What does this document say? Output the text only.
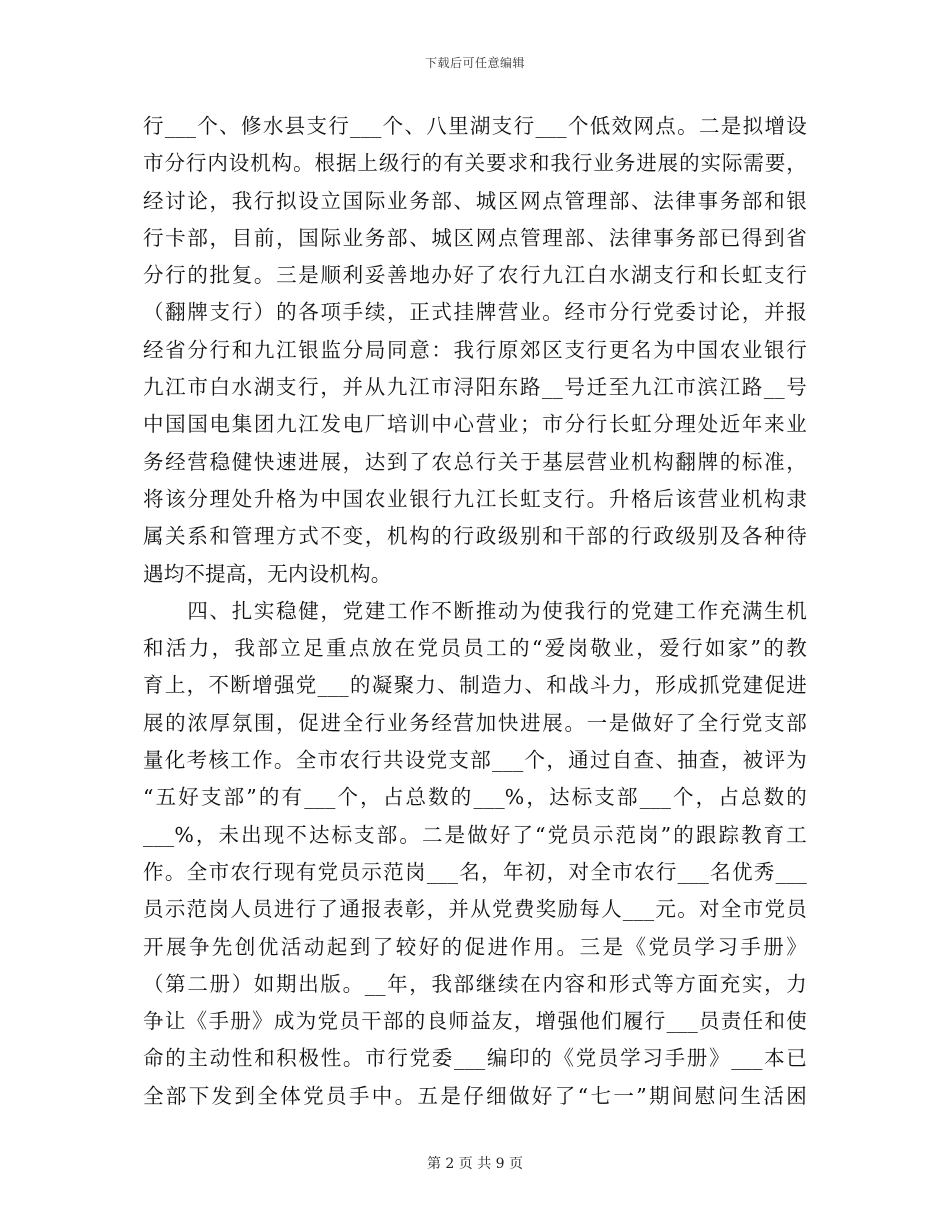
下载后可任意编辑
行___个、修水县支行___个、八里湖支行___个低效网点。二是拟增设
市分行内设机构。根据上级行的有关要求和我行业务进展的实际需要，
经讨论，我行拟设立国际业务部、城区网点管理部、法律事务部和银
行卡部，目前，国际业务部、城区网点管理部、法律事务部已得到省
分行的批复。三是顺利妥善地办好了农行九江白水湖支行和长虹支行
（翻牌支行）的各项手续，正式挂牌营业。经市分行党委讨论，并报
经省分行和九江银监分局同意：我行原郊区支行更名为中国农业银行
九江市白水湖支行，并从九江市浔阳东路__号迁至九江市滨江路__号
中国国电集团九江发电厂培训中心营业；市分行长虹分理处近年来业
务经营稳健快速进展，达到了农总行关于基层营业机构翻牌的标准，
将该分理处升格为中国农业银行九江长虹支行。升格后该营业机构隶
属关系和管理方式不变，机构的行政级别和干部的行政级别及各种待
遇均不提高，无内设机构。
　　四、扎实稳健，党建工作不断推动为使我行的党建工作充满生机
和活力，我部立足重点放在党员员工的“爱岗敬业，爱行如家”的教
育上，不断增强党___的凝聚力、制造力、和战斗力，形成抓党建促进
展的浓厚氛围，促进全行业务经营加快进展。一是做好了全行党支部
量化考核工作。全市农行共设党支部___个，通过自查、抽查，被评为
“五好支部”的有___个，占总数的___%，达标支部___个，占总数的
___%，未出现不达标支部。二是做好了“党员示范岗”的跟踪教育工
作。全市农行现有党员示范岗___名，年初，对全市农行___名优秀___
员示范岗人员进行了通报表彰，并从党费奖励每人___元。对全市党员
开展争先创优活动起到了较好的促进作用。三是《党员学习手册》
（第二册）如期出版。__年，我部继续在内容和形式等方面充实，力
争让《手册》成为党员干部的良师益友，增强他们履行___员责任和使
命的主动性和积极性。市行党委___编印的《党员学习手册》___本已
全部下发到全体党员手中。五是仔细做好了“七一”期间慰问生活困
第 2 页 共 9 页
